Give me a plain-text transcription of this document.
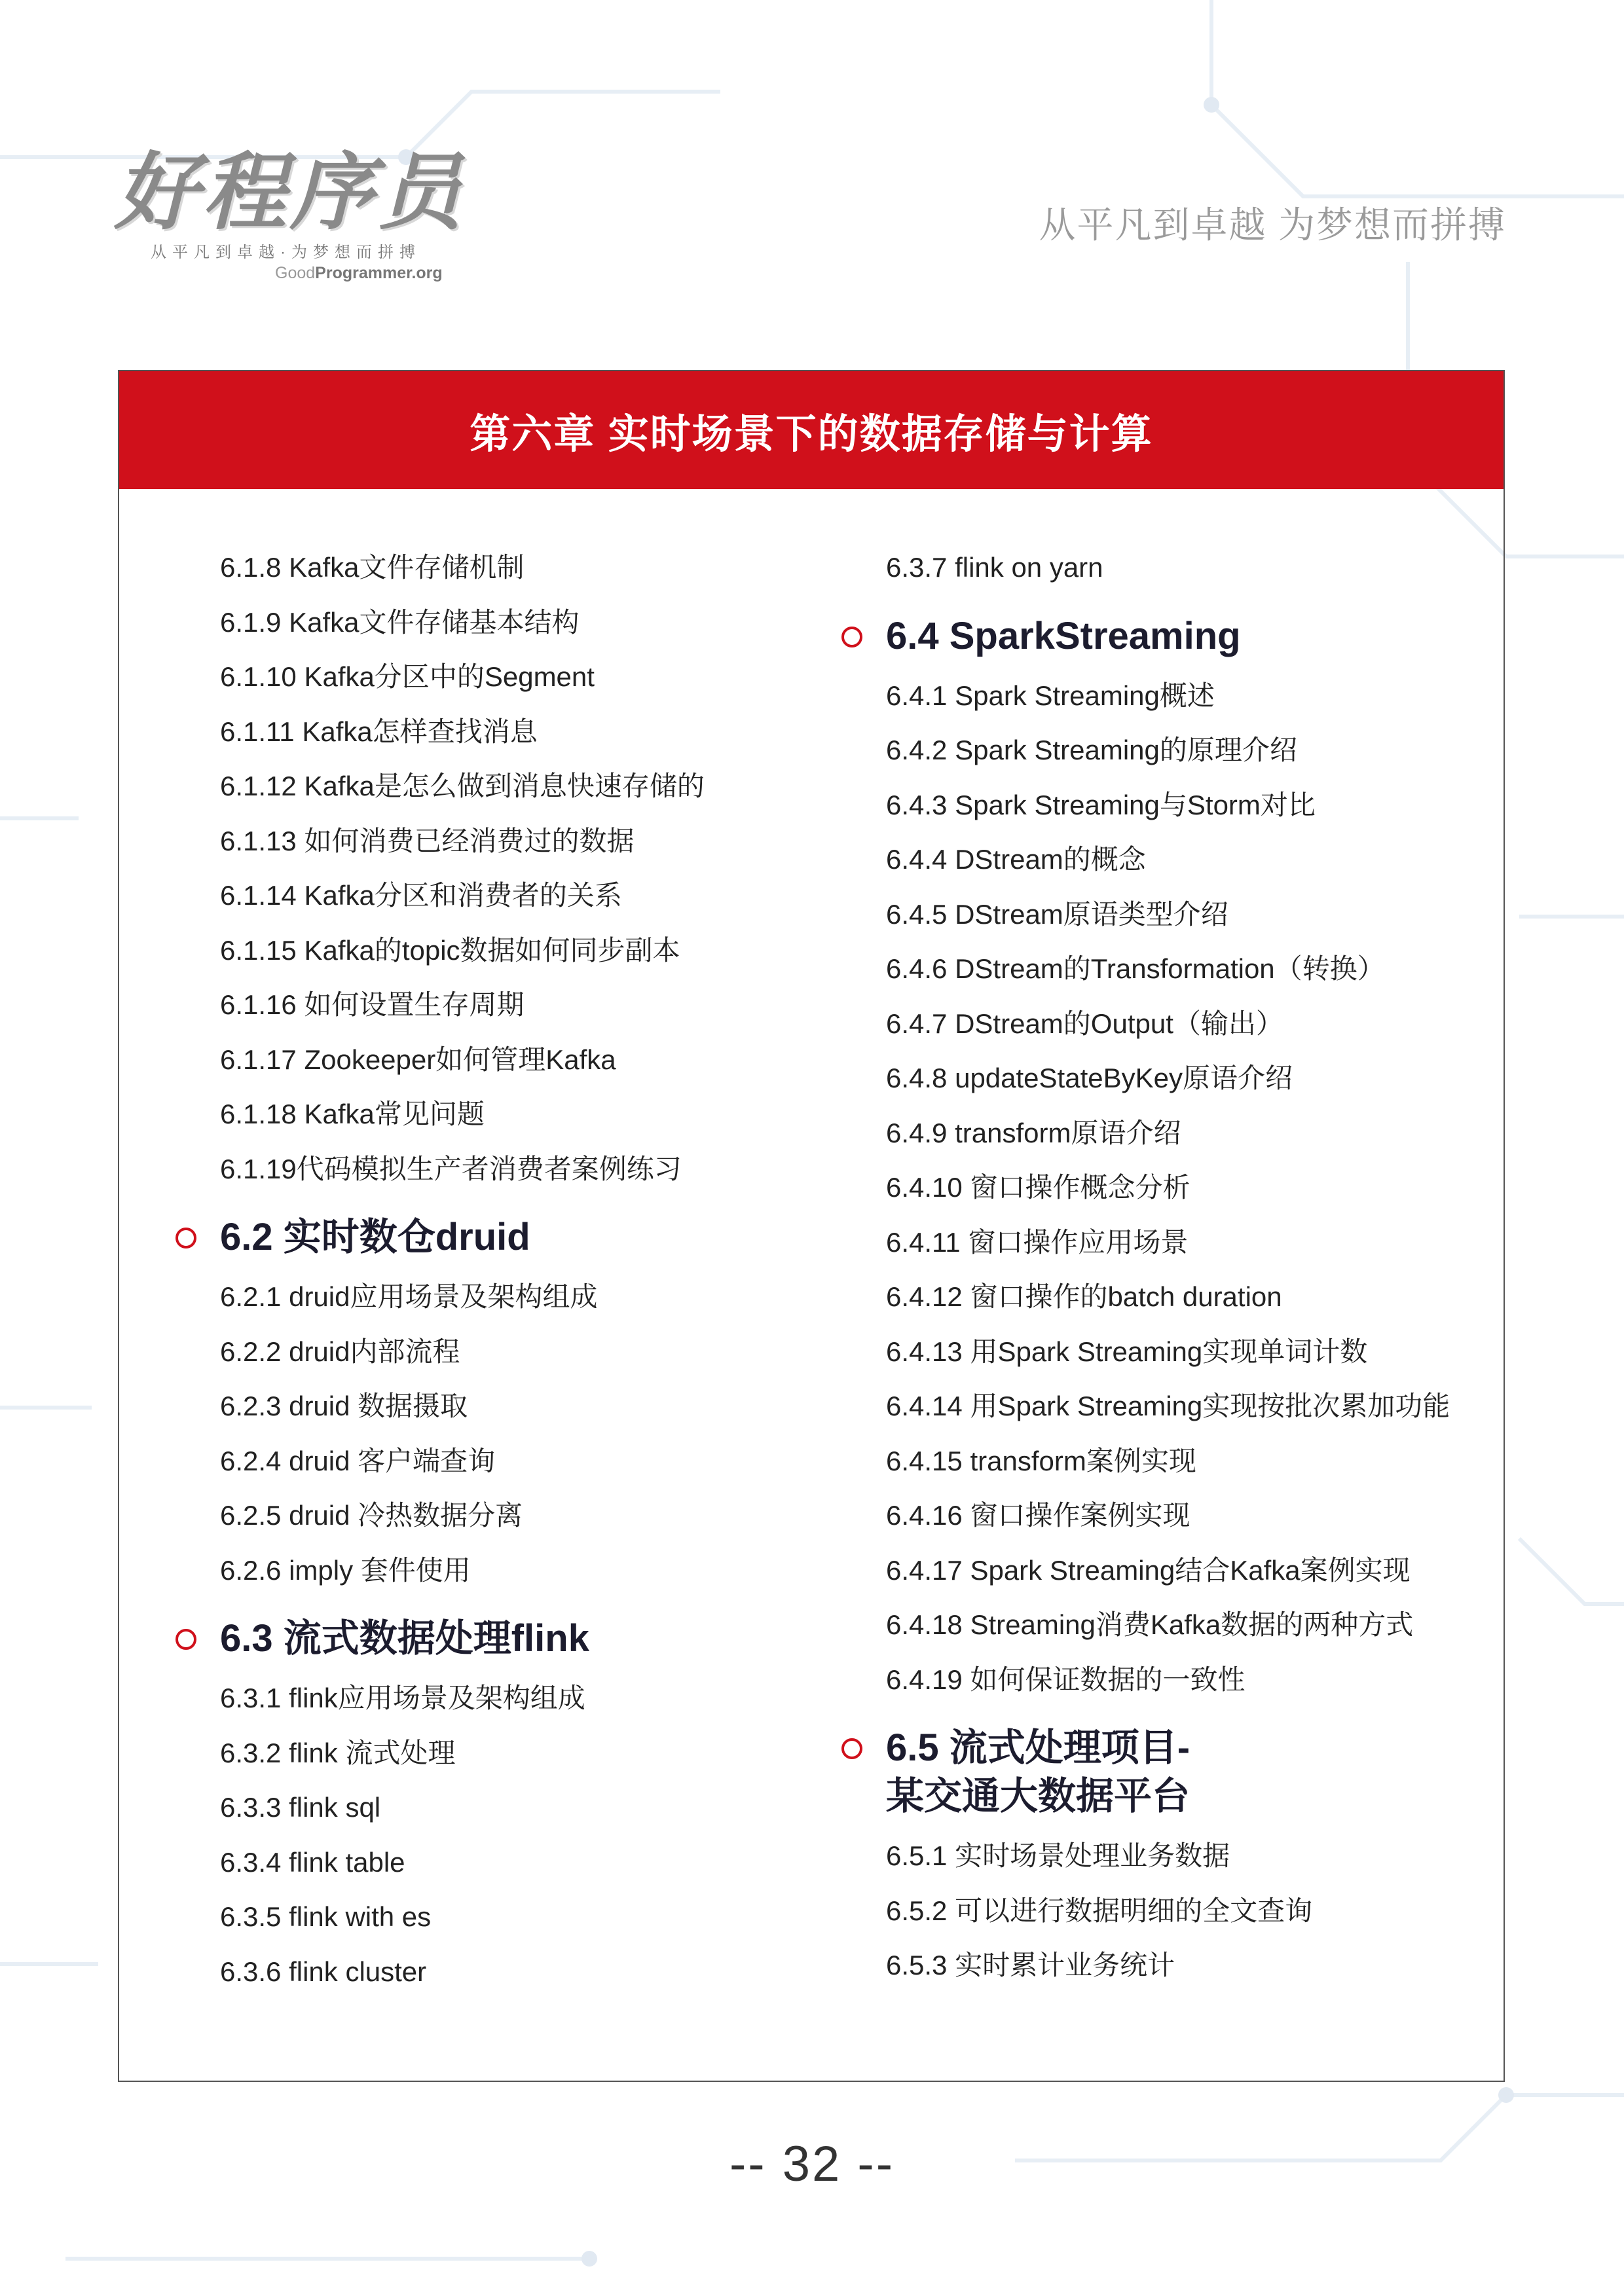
好程序员
从平凡到卓越·为梦想而拼搏
GoodProgrammer.org
从平凡到卓越 为梦想而拼搏
第六章 实时场景下的数据存储与计算
6.1.8 Kafka文件存储机制
6.1.9 Kafka文件存储基本结构
6.1.10 Kafka分区中的Segment
6.1.11 Kafka怎样查找消息
6.1.12 Kafka是怎么做到消息快速存储的
6.1.13 如何消费已经消费过的数据
6.1.14 Kafka分区和消费者的关系
6.1.15 Kafka的topic数据如何同步副本
6.1.16 如何设置生存周期
6.1.17 Zookeeper如何管理Kafka
6.1.18 Kafka常见问题
6.1.19代码模拟生产者消费者案例练习
6.2 实时数仓druid
6.2.1 druid应用场景及架构组成
6.2.2 druid内部流程
6.2.3 druid 数据摄取
6.2.4 druid 客户端查询
6.2.5 druid 冷热数据分离
6.2.6 imply 套件使用
6.3 流式数据处理flink
6.3.1 flink应用场景及架构组成
6.3.2 flink 流式处理
6.3.3 flink sql
6.3.4 flink table
6.3.5 flink with es
6.3.6 flink cluster
6.3.7 flink on yarn
6.4 SparkStreaming
6.4.1 Spark Streaming概述
6.4.2 Spark Streaming的原理介绍
6.4.3 Spark Streaming与Storm对比
6.4.4 DStream的概念
6.4.5 DStream原语类型介绍
6.4.6 DStream的Transformation（转换）
6.4.7 DStream的Output（输出）
6.4.8 updateStateByKey原语介绍
6.4.9 transform原语介绍
6.4.10 窗口操作概念分析
6.4.11 窗口操作应用场景
6.4.12 窗口操作的batch duration
6.4.13 用Spark Streaming实现单词计数
6.4.14 用Spark Streaming实现按批次累加功能
6.4.15 transform案例实现
6.4.16 窗口操作案例实现
6.4.17 Spark Streaming结合Kafka案例实现
6.4.18 Streaming消费Kafka数据的两种方式
6.4.19 如何保证数据的一致性
6.5 流式处理项目-
某交通大数据平台
6.5.1 实时场景处理业务数据
6.5.2 可以进行数据明细的全文查询
6.5.3 实时累计业务统计
-- 32 --
